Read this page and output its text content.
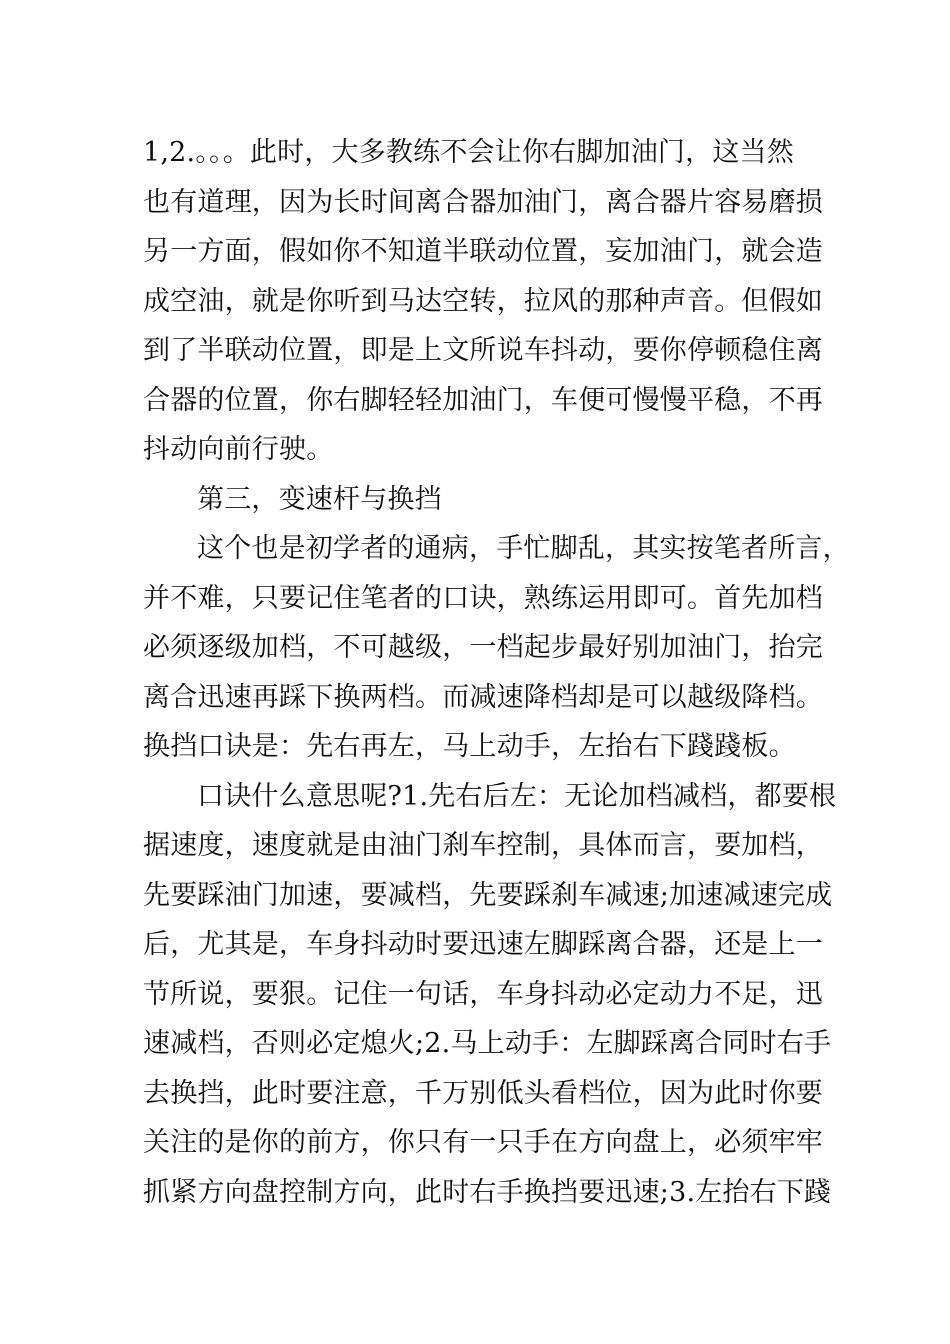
1,2.。。。此时，大多教练不会让你右脚加油门，这当然
也有道理，因为长时间离合器加油门，离合器片容易磨损
另一方面，假如你不知道半联动位置，妄加油门，就会造
成空油，就是你听到马达空转，拉风的那种声音。但假如
到了半联动位置，即是上文所说车抖动，要你停顿稳住离
合器的位置，你右脚轻轻加油门，车便可慢慢平稳，不再
抖动向前行驶。
第三，变速杆与换挡
这个也是初学者的通病，手忙脚乱，其实按笔者所言，
并不难，只要记住笔者的口诀，熟练运用即可。首先加档
必须逐级加档，不可越级，一档起步最好别加油门，抬完
离合迅速再踩下换两档。而减速降档却是可以越级降档。
换挡口诀是：先右再左，马上动手，左抬右下踐踐板。
口诀什么意思呢?1.先右后左：无论加档减档，都要根
据速度，速度就是由油门刹车控制，具体而言，要加档，
先要踩油门加速，要减档，先要踩刹车减速;加速减速完成
后，尤其是，车身抖动时要迅速左脚踩离合器，还是上一
节所说，要狠。记住一句话，车身抖动必定动力不足，迅
速减档，否则必定熄火;2.马上动手：左脚踩离合同时右手
去换挡，此时要注意，千万别低头看档位，因为此时你要
关注的是你的前方，你只有一只手在方向盘上，必须牢牢
抓紧方向盘控制方向，此时右手换挡要迅速;3.左抬右下踐
